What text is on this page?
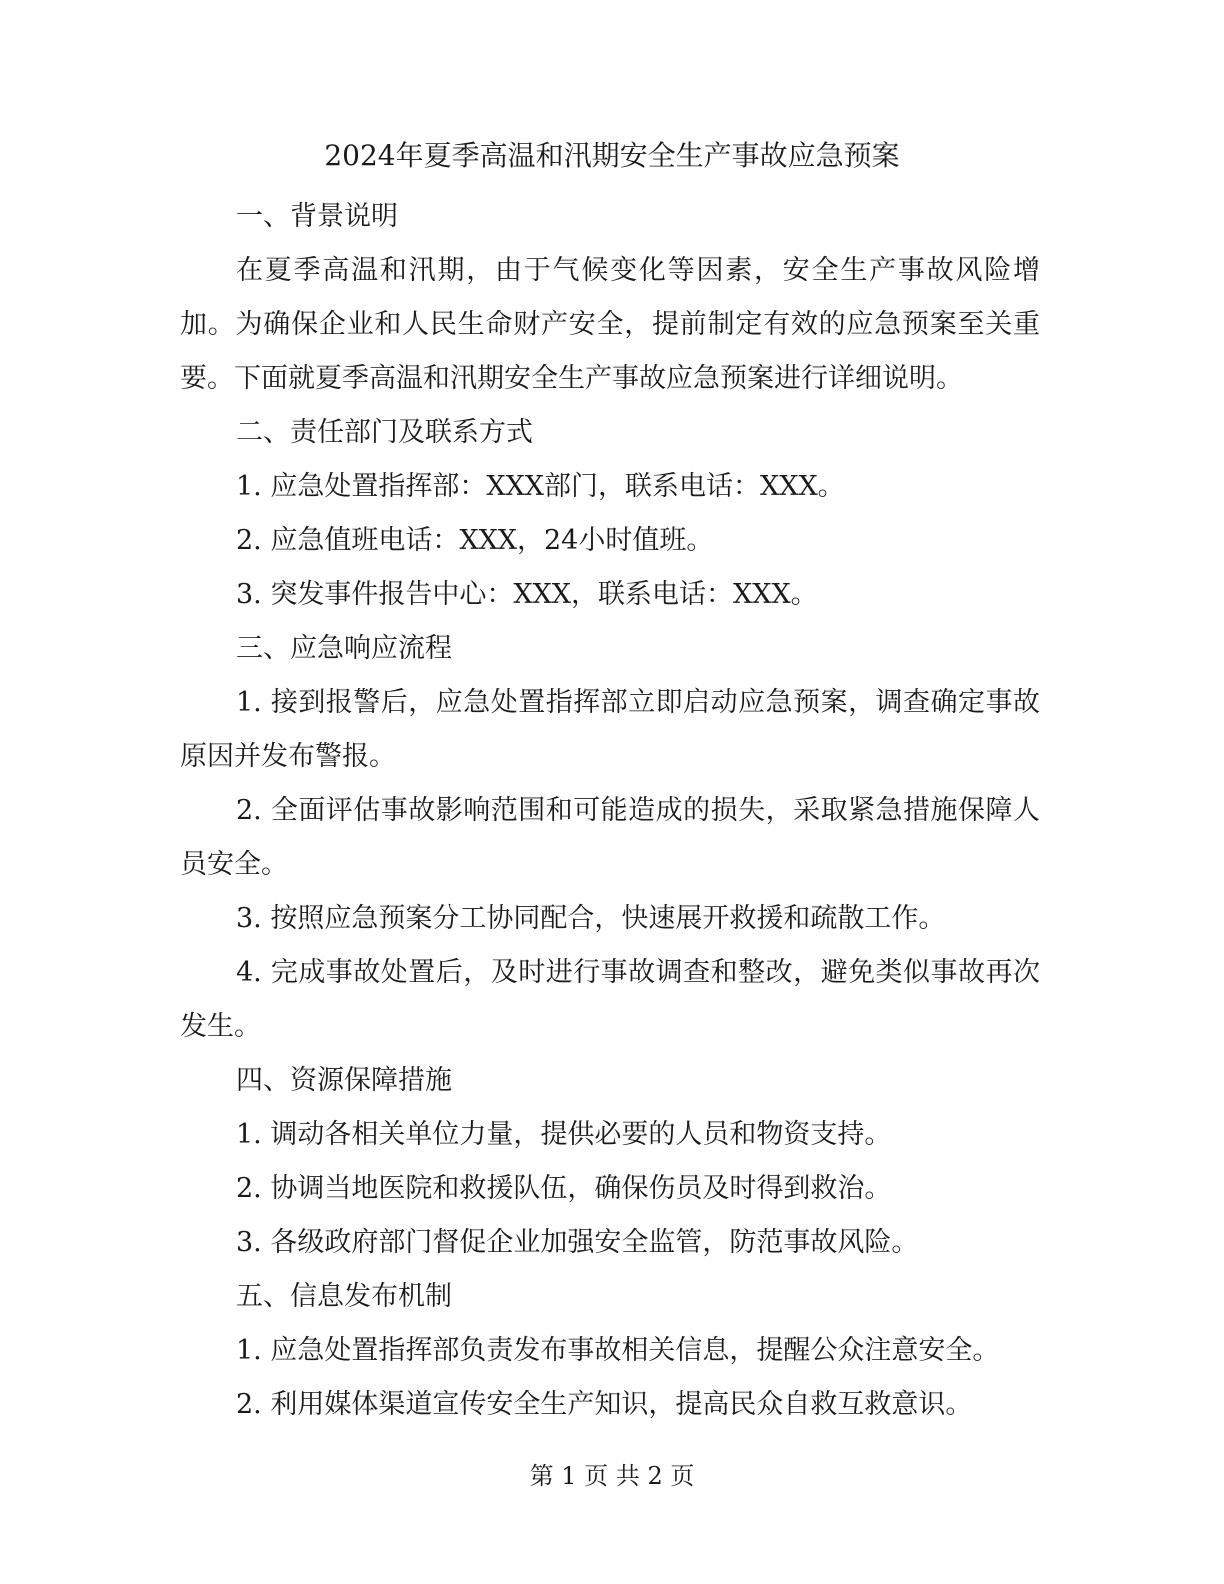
2024年夏季高温和汛期安全生产事故应急预案

一、背景说明

在夏季高温和汛期，由于气候变化等因素，安全生产事故风险增加。为确保企业和人民生命财产安全，提前制定有效的应急预案至关重要。下面就夏季高温和汛期安全生产事故应急预案进行详细说明。

二、责任部门及联系方式

1. 应急处置指挥部：XXX部门，联系电话：XXX。

2. 应急值班电话：XXX，24小时值班。

3. 突发事件报告中心：XXX，联系电话：XXX。

三、应急响应流程

1. 接到报警后，应急处置指挥部立即启动应急预案，调查确定事故原因并发布警报。

2. 全面评估事故影响范围和可能造成的损失，采取紧急措施保障人员安全。

3. 按照应急预案分工协同配合，快速展开救援和疏散工作。

4. 完成事故处置后，及时进行事故调查和整改，避免类似事故再次发生。

四、资源保障措施

1. 调动各相关单位力量，提供必要的人员和物资支持。

2. 协调当地医院和救援队伍，确保伤员及时得到救治。

3. 各级政府部门督促企业加强安全监管，防范事故风险。

五、信息发布机制

1. 应急处置指挥部负责发布事故相关信息，提醒公众注意安全。

2. 利用媒体渠道宣传安全生产知识，提高民众自救互救意识。

第 1 页 共 2 页
